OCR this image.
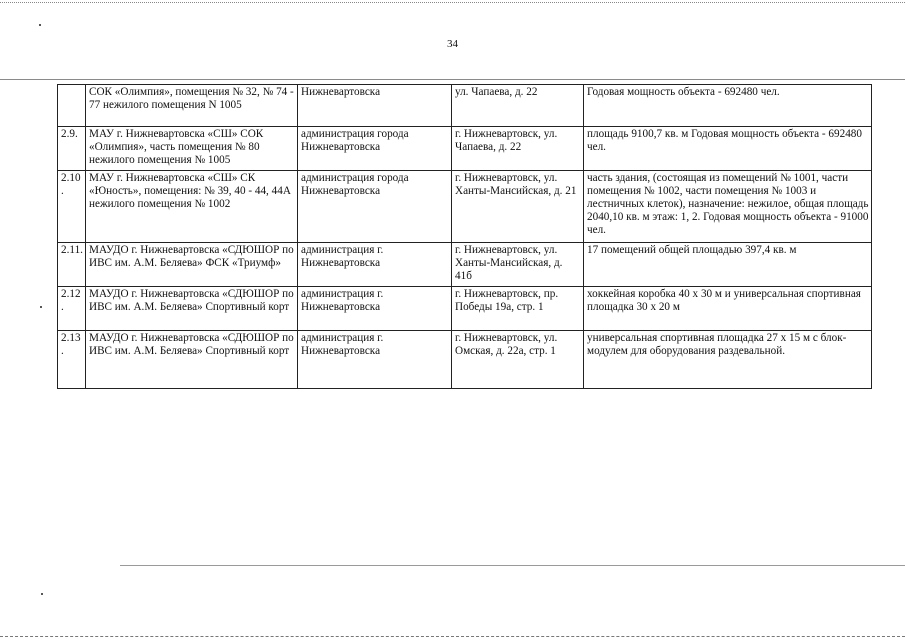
34
	СОК «Олимпия», помещения № 32, № 74 - 77 нежилого помещения N 1005	Нижневартовска	ул. Чапаева, д. 22	Годовая мощность объекта - 692480 чел.
2.9.	МАУ г. Нижневартовска «СШ» СОК «Олимпия», часть помещения № 80 нежилого помещения № 1005	администрация города Нижневартовска	г. Нижневартовск, ул. Чапаева, д. 22	площадь 9100,7 кв. м Годовая мощность объекта - 692480 чел.
2.10.	МАУ г. Нижневартовска «СШ» СК «Юность», помещения: № 39, 40 - 44, 44А нежилого помещения № 1002	администрация города Нижневартовска	г. Нижневартовск, ул. Ханты-Мансийская, д. 21	часть здания, (состоящая из помещений № 1001, части помещения № 1002, части помещения № 1003 и лестничных клеток), назначение: нежилое, общая площадь 2040,10 кв. м этаж: 1, 2. Годовая мощность объекта - 91000 чел.
2.11.	МАУДО г. Нижневартовска «СДЮШОР по ИВС им. А.М. Беляева» ФСК «Триумф»	администрация г. Нижневартовска	г. Нижневартовск, ул. Ханты-Мансийская, д. 41б	17 помещений общей площадью 397,4 кв. м
2.12.	МАУДО г. Нижневартовска «СДЮШОР по ИВС им. А.М. Беляева» Спортивный корт	администрация г. Нижневартовска	г. Нижневартовск, пр. Победы 19а, стр. 1	хоккейная коробка 40 х 30 м и универсальная спортивная площадка 30 х 20 м
2.13.	МАУДО г. Нижневартовска «СДЮШОР по ИВС им. А.М. Беляева» Спортивный корт	администрация г. Нижневартовска	г. Нижневартовск, ул. Омская, д. 22а, стр. 1	универсальная спортивная площадка 27 х 15 м с блок-модулем для оборудования раздевальной.
